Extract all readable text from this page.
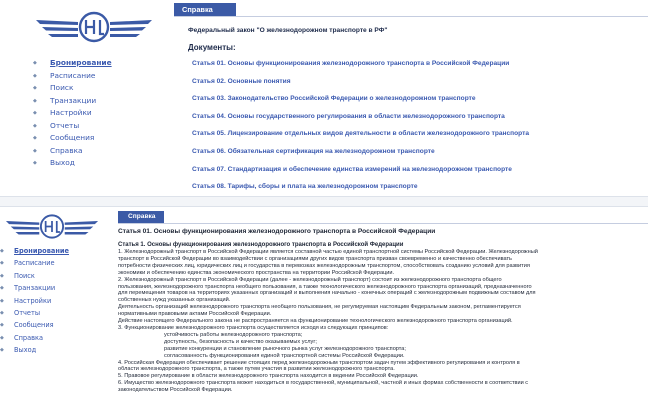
◆ Бронирование
◆ Расписание
◆ Поиск
◆ Транзакции
◆ Настройки
◆ Отчеты
◆ Сообщения
◆ Справка
◆ Выход
Справка
Федеральный закон "О железнодорожном транспорте в РФ"
Документы:
Статья 01. Основы функционирования железнодорожного транспорта в Российской Федерации
Статья 02. Основные понятия
Статья 03. Законодательство Российской Федерации о железнодорожном транспорте
Статья 04. Основы государственного регулирования в области железнодорожного транспорта
Статья 05. Лицензирование отдельных видов деятельности в области железнодорожного транспорта
Статья 06. Обязательная сертификация на железнодорожном транспорте
Статья 07. Стандартизация и обеспечение единства измерений на железнодорожном транспорте
Статья 08. Тарифы, сборы и плата на железнодорожном транспорте
◆ Бронирование
◆ Расписание
◆ Поиск
◆ Транзакции
◆ Настройки
◆ Отчеты
◆ Сообщения
◆ Справка
◆ Выход
Справка
Статья 01. Основы функционирования железнодорожного транспорта в Российской Федерации
Статья 1. Основы функционирования железнодорожного транспорта в Российской Федерации

1. Железнодорожный транспорт в Российской Федерации является составной частью единой транспортной системы Российской Федерации. Железнодорожный

транспорт в Российской Федерации во взаимодействии с организациями других видов транспорта призван своевременно и качественно обеспечивать

потребности физических лиц, юридических лиц и государства в перевозках железнодорожным транспортом, способствовать созданию условий для развития

экономики и обеспечению единства экономического пространства на территории Российской Федерации.

2. Железнодорожный транспорт в Российской Федерации (далее - железнодорожный транспорт) состоит из железнодорожного транспорта общего

пользования, железнодорожного транспорта необщего пользования, а также технологического железнодорожного транспорта организаций, предназначенного

для перемещения товаров на территориях указанных организаций и выполнения начально - конечных операций с железнодорожным подвижным составом для

собственных нужд указанных организаций.

Деятельность организаций железнодорожного транспорта необщего пользования, не регулируемая настоящим Федеральным законом, регламентируется

нормативными правовыми актами Российской Федерации.

Действие настоящего Федерального закона не распространяется на функционирование технологического железнодорожного транспорта организаций.

3. Функционирование железнодорожного транспорта осуществляется исходя из следующих принципов:

устойчивость работы железнодорожного транспорта;

доступность, безопасность и качество оказываемых услуг;

развитие конкуренции и становление рыночного рынка услуг железнодорожного транспорта;

согласованность функционирования единой транспортной системы Российской Федерации.

4. Российская Федерация обеспечивает решение стоящих перед железнодорожным транспортом задач путем эффективного регулирования и контроля в

области железнодорожного транспорта, а также путем участия в развитии железнодорожного транспорта.

5. Правовое регулирование в области железнодорожного транспорта находится в ведении Российской Федерации.

6. Имущество железнодорожного транспорта может находиться в государственной, муниципальной, частной и иных формах собственности в соответствии с

законодательством Российской Федерации.
